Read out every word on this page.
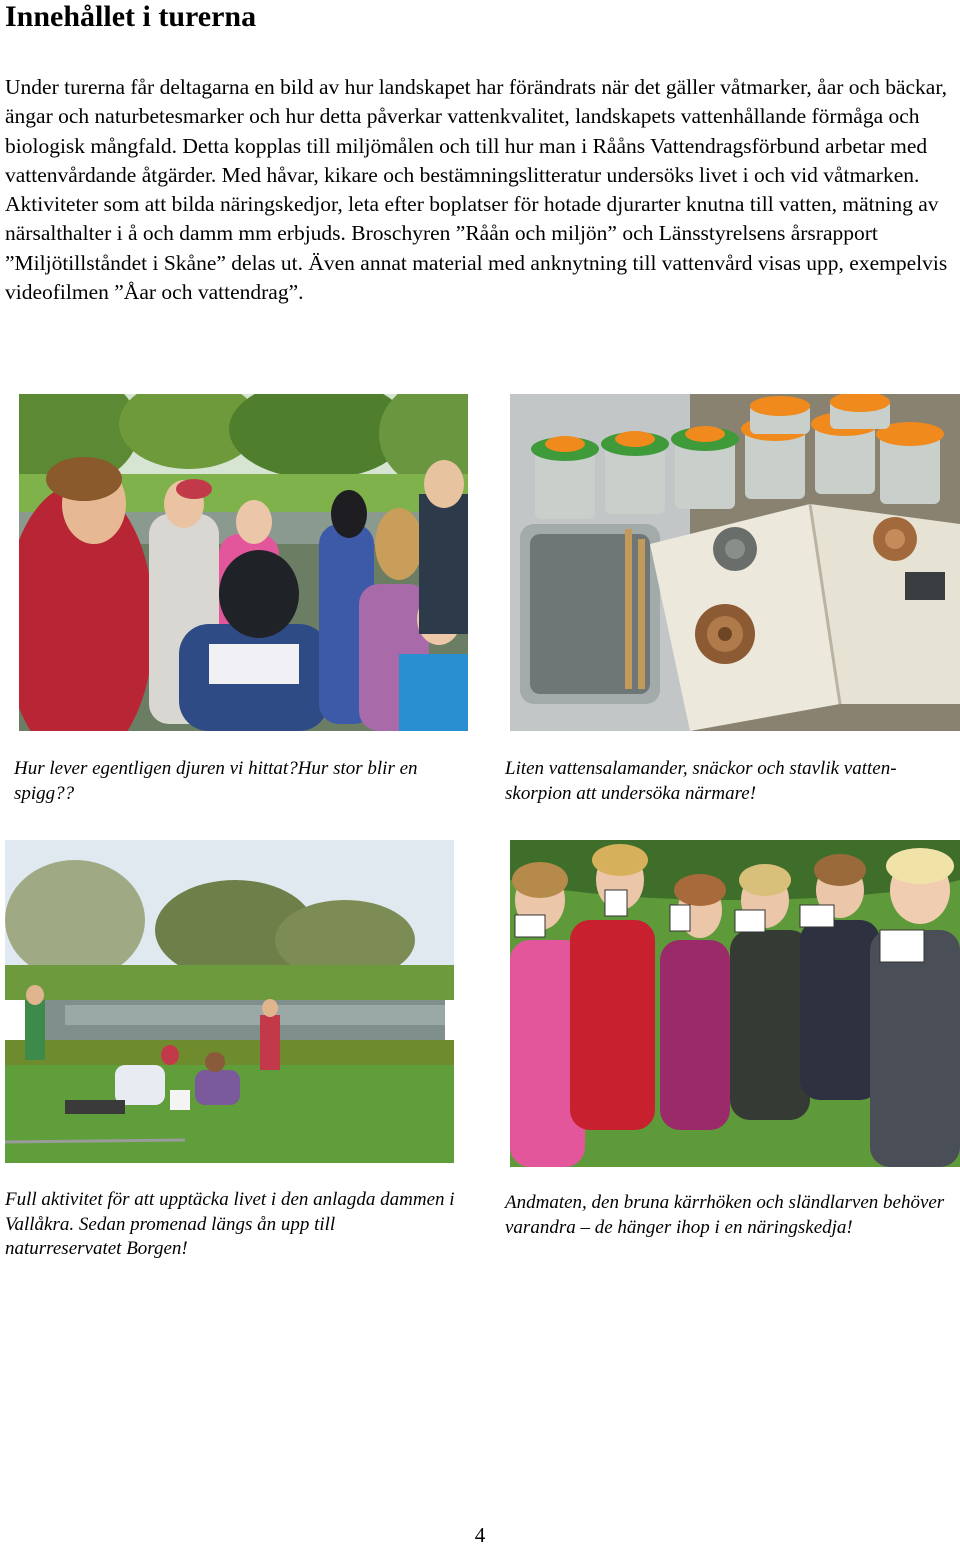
Innehållet i turerna

Under turerna får deltagarna en bild av hur landskapet har förändrats när det gäller våtmarker, åar och bäckar, ängar och naturbetesmarker och hur detta påverkar vattenkvalitet, landskapets vattenhållande förmåga och biologisk mångfald. Detta kopplas till miljömålen och till hur man i Rååns Vattendragsförbund arbetar med vattenvårdande åtgärder. Med håvar, kikare och bestämningslitteratur undersöks livet i och vid våtmarken. Aktiviteter som att bilda näringskedjor, leta efter boplatser för hotade djurarter knutna till vatten, mätning av närsalthalter i å och damm mm erbjuds. Broschyren ”Råån och miljön” och Länsstyrelsens årsrapport ”Miljötillståndet i Skåne” delas ut. Även annat material med anknytning till vattenvård visas upp, exempelvis videofilmen ”Åar och vattendrag”.

Hur lever egentligen djuren vi hittat?Hur stor blir en spigg??

Liten vattensalamander, snäckor och stavlik vatten-skorpion att undersöka närmare!

Full aktivitet för att upptäcka livet i den anlagda dammen i Vallåkra. Sedan promenad längs ån upp till naturreservatet Borgen!

Andmaten, den bruna kärrhöken och sländlarven behöver varandra – de hänger ihop i en näringskedja!

4
